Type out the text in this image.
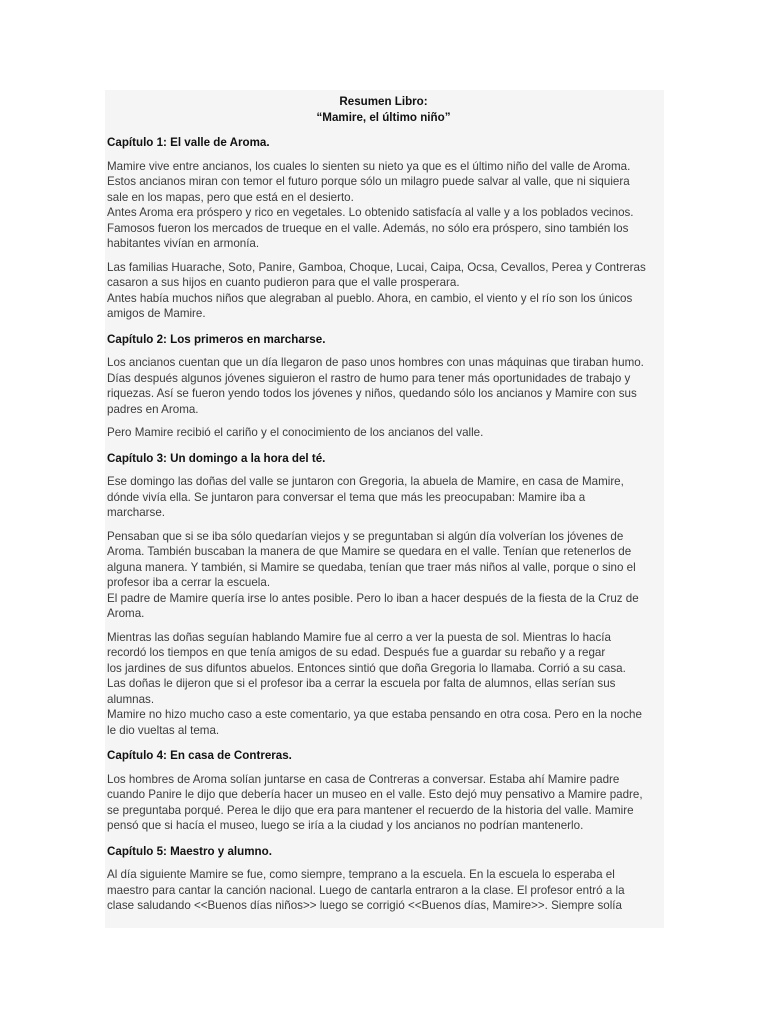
Resumen Libro:
“Mamire, el último niño”
Capítulo 1: El valle de Aroma.

Mamire vive entre ancianos, los cuales lo sienten su nieto ya que es el último niño del valle de Aroma.
Estos ancianos miran con temor el futuro porque sólo un milagro puede salvar al valle, que ni siquiera
sale en los mapas, pero que está en el desierto.
Antes Aroma era próspero y rico en vegetales. Lo obtenido satisfacía al valle y a los poblados vecinos.
Famosos fueron los mercados de trueque en el valle. Además, no sólo era próspero, sino también los
habitantes vivían en armonía.

Las familias Huarache, Soto, Panire, Gamboa, Choque, Lucai, Caipa, Ocsa, Cevallos, Perea y Contreras
casaron a sus hijos en cuanto pudieron para que el valle prosperara.
Antes había muchos niños que alegraban al pueblo. Ahora, en cambio, el viento y el río son los únicos
amigos de Mamire.

Capítulo 2: Los primeros en marcharse.

Los ancianos cuentan que un día llegaron de paso unos hombres con unas máquinas que tiraban humo.
Días después algunos jóvenes siguieron el rastro de humo para tener más oportunidades de trabajo y
riquezas. Así se fueron yendo todos los jóvenes y niños, quedando sólo los ancianos y Mamire con sus
padres en Aroma.

Pero Mamire recibió el cariño y el conocimiento de los ancianos del valle.

Capítulo 3: Un domingo a la hora del té.

Ese domingo las doñas del valle se juntaron con Gregoria, la abuela de Mamire, en casa de Mamire,
dónde vivía ella. Se juntaron para conversar el tema que más les preocupaban: Mamire iba a
marcharse.

Pensaban que si se iba sólo quedarían viejos y se preguntaban si algún día volverían los jóvenes de
Aroma. También buscaban la manera de que Mamire se quedara en el valle. Tenían que retenerlos de
alguna manera. Y también, si Mamire se quedaba, tenían que traer más niños al valle, porque o sino el
profesor iba a cerrar la escuela.
El padre de Mamire quería irse lo antes posible. Pero lo iban a hacer después de la fiesta de la Cruz de
Aroma.

Mientras las doñas seguían hablando Mamire fue al cerro a ver la puesta de sol. Mientras lo hacía
recordó los tiempos en que tenía amigos de su edad. Después fue a guardar su rebaño y a regar
los jardines de sus difuntos abuelos. Entonces sintió que doña Gregoria lo llamaba. Corrió a su casa.
Las doñas le dijeron que si el profesor iba a cerrar la escuela por falta de alumnos, ellas serían sus
alumnas.
Mamire no hizo mucho caso a este comentario, ya que estaba pensando en otra cosa. Pero en la noche
le dio vueltas al tema.

Capítulo 4: En casa de Contreras.

Los hombres de Aroma solían juntarse en casa de Contreras a conversar. Estaba ahí Mamire padre
cuando Panire le dijo que debería hacer un museo en el valle. Esto dejó muy pensativo a Mamire padre,
se preguntaba porqué. Perea le dijo que era para mantener el recuerdo de la historia del valle. Mamire
pensó que si hacía el museo, luego se iría a la ciudad y los ancianos no podrían mantenerlo.

Capítulo 5: Maestro y alumno.

Al día siguiente Mamire se fue, como siempre, temprano a la escuela. En la escuela lo esperaba el
maestro para cantar la canción nacional. Luego de cantarla entraron a la clase. El profesor entró a la
clase saludando <<Buenos días niños>> luego se corrigió <<Buenos días, Mamire>>. Siempre solía
